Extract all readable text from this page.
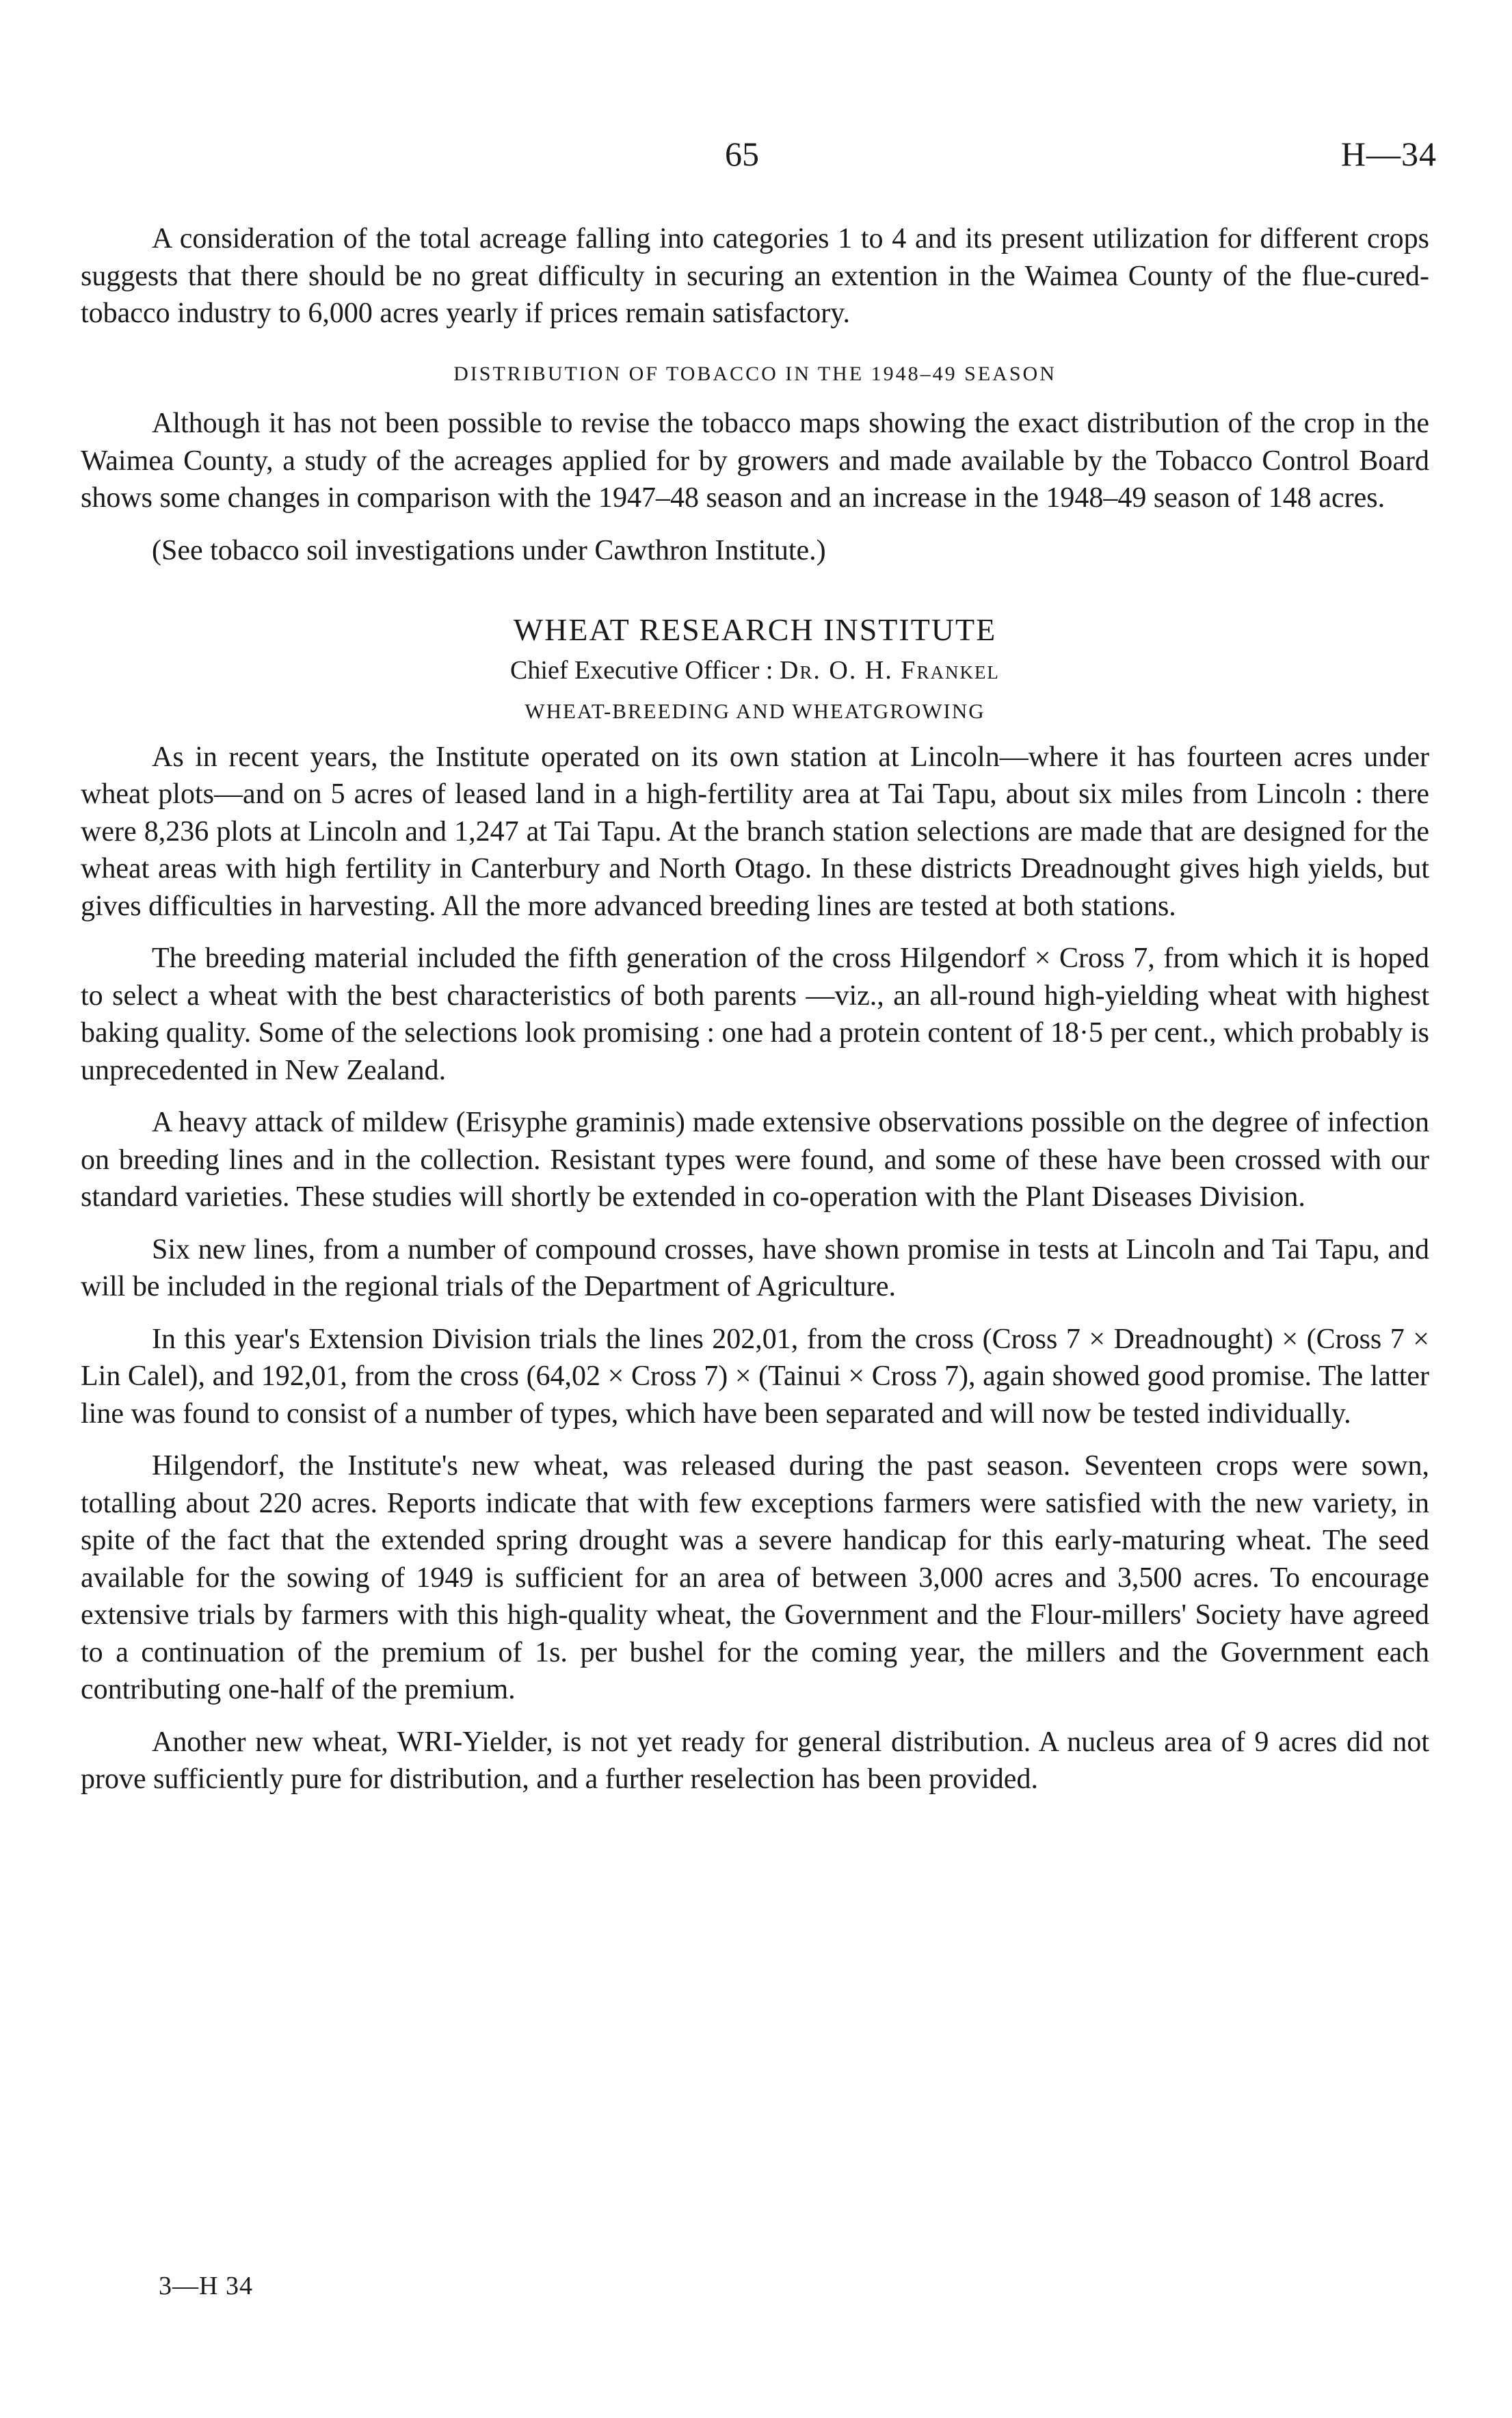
65	H—34

A consideration of the total acreage falling into categories 1 to 4 and its present utilization for different crops suggests that there should be no great difficulty in securing an extention in the Waimea County of the flue-cured-tobacco industry to 6,000 acres yearly if prices remain satisfactory.

DISTRIBUTION OF TOBACCO IN THE 1948–49 SEASON

Although it has not been possible to revise the tobacco maps showing the exact distribution of the crop in the Waimea County, a study of the acreages applied for by growers and made available by the Tobacco Control Board shows some changes in comparison with the 1947–48 season and an increase in the 1948–49 season of 148 acres.

(See tobacco soil investigations under Cawthron Institute.)

WHEAT RESEARCH INSTITUTE
Chief Executive Officer : Dr. O. H. Frankel
WHEAT-BREEDING AND WHEATGROWING

As in recent years, the Institute operated on its own station at Lincoln—where it has fourteen acres under wheat plots—and on 5 acres of leased land in a high-fertility area at Tai Tapu, about six miles from Lincoln : there were 8,236 plots at Lincoln and 1,247 at Tai Tapu. At the branch station selections are made that are designed for the wheat areas with high fertility in Canterbury and North Otago. In these districts Dreadnought gives high yields, but gives difficulties in harvesting. All the more advanced breeding lines are tested at both stations.

The breeding material included the fifth generation of the cross Hilgendorf × Cross 7, from which it is hoped to select a wheat with the best characteristics of both parents —viz., an all-round high-yielding wheat with highest baking quality. Some of the selections look promising : one had a protein content of 18·5 per cent., which probably is unprecedented in New Zealand.

A heavy attack of mildew (Erisyphe graminis) made extensive observations possible on the degree of infection on breeding lines and in the collection. Resistant types were found, and some of these have been crossed with our standard varieties. These studies will shortly be extended in co-operation with the Plant Diseases Division.

Six new lines, from a number of compound crosses, have shown promise in tests at Lincoln and Tai Tapu, and will be included in the regional trials of the Department of Agriculture.

In this year's Extension Division trials the lines 202,01, from the cross (Cross 7 × Dreadnought) × (Cross 7 × Lin Calel), and 192,01, from the cross (64,02 × Cross 7) × (Tainui × Cross 7), again showed good promise. The latter line was found to consist of a number of types, which have been separated and will now be tested individually.

Hilgendorf, the Institute's new wheat, was released during the past season. Seventeen crops were sown, totalling about 220 acres. Reports indicate that with few exceptions farmers were satisfied with the new variety, in spite of the fact that the extended spring drought was a severe handicap for this early-maturing wheat. The seed available for the sowing of 1949 is sufficient for an area of between 3,000 acres and 3,500 acres. To encourage extensive trials by farmers with this high-quality wheat, the Government and the Flour-millers' Society have agreed to a continuation of the premium of 1s. per bushel for the coming year, the millers and the Government each contributing one-half of the premium.

Another new wheat, WRI-Yielder, is not yet ready for general distribution. A nucleus area of 9 acres did not prove sufficiently pure for distribution, and a further reselection has been provided.

3—H 34
